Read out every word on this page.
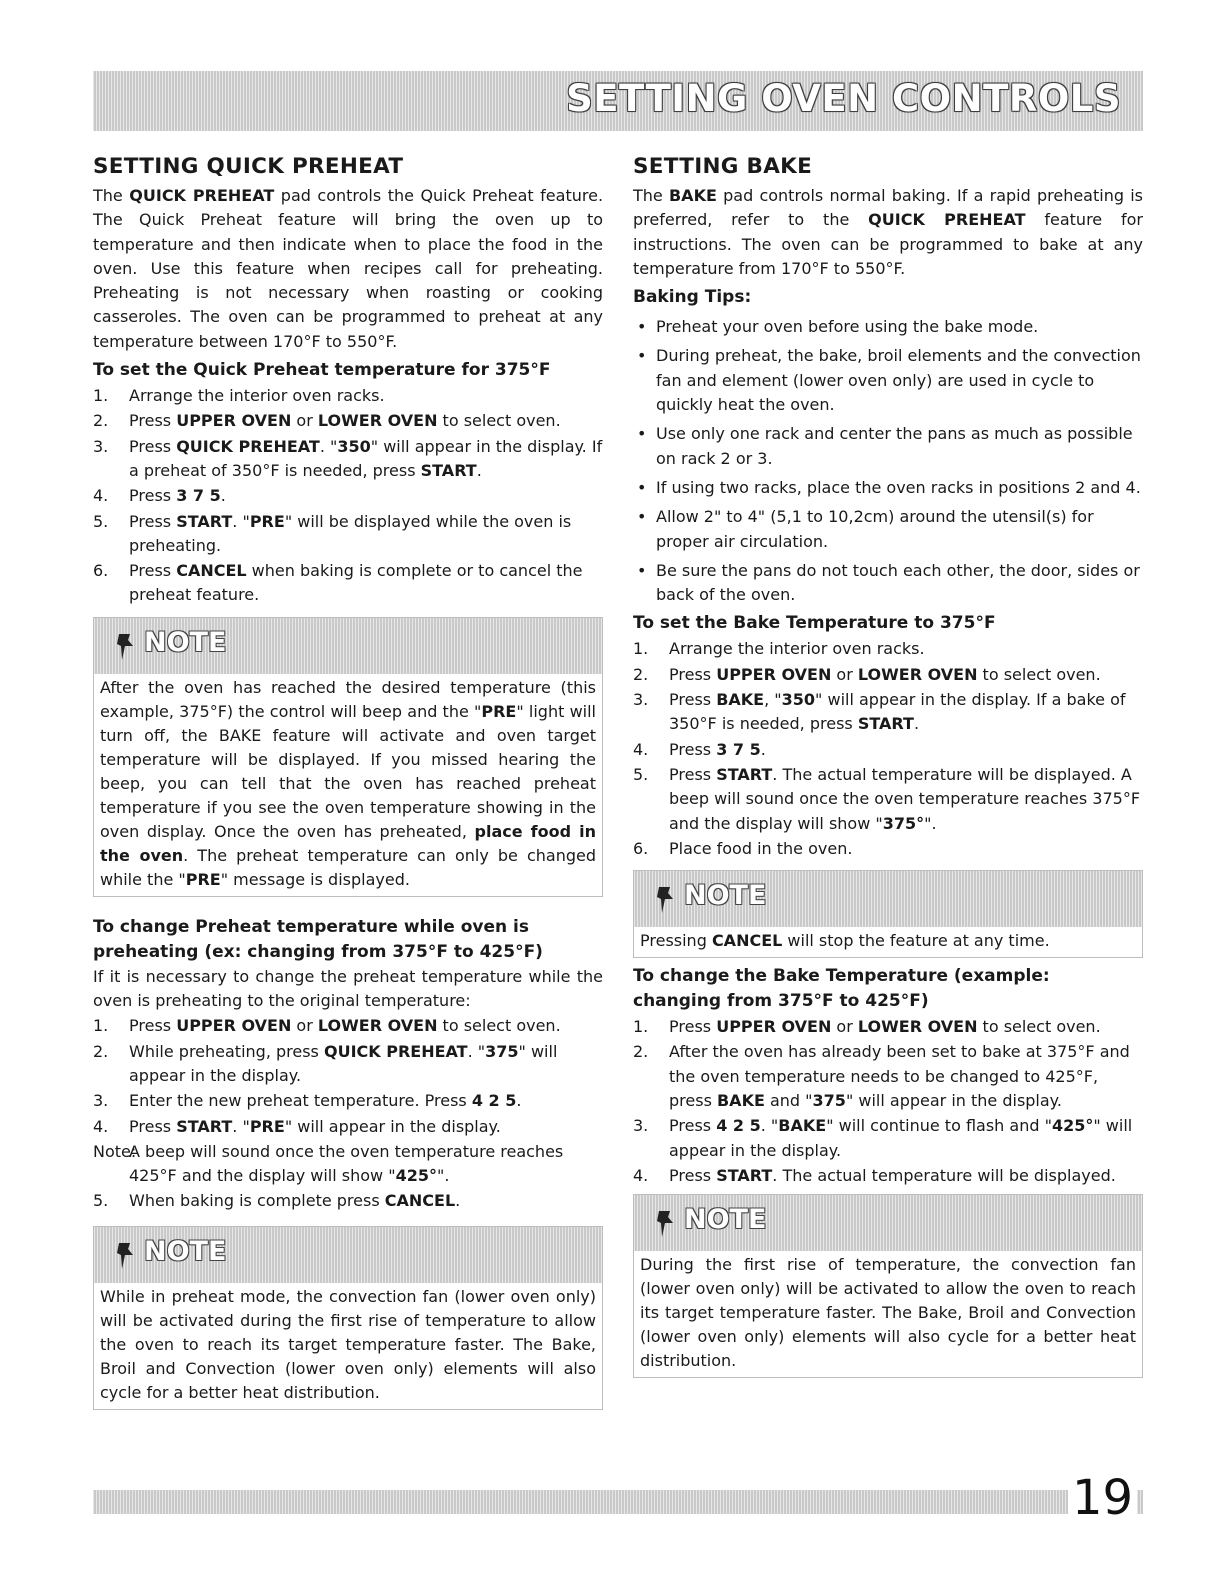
SETTING OVEN CONTROLS
SETTING QUICK PREHEAT
The QUICK PREHEAT pad controls the Quick Preheat feature. The Quick Preheat feature will bring the oven up to temperature and then indicate when to place the food in the oven. Use this feature when recipes call for preheating. Preheating is not necessary when roasting or cooking casseroles. The oven can be programmed to preheat at any temperature between 170°F to 550°F.
To set the Quick Preheat temperature for 375°F
1. Arrange the interior oven racks.
2. Press UPPER OVEN or LOWER OVEN to select oven.
3. Press QUICK PREHEAT. "350" will appear in the display. If a preheat of 350°F is needed, press START.
4. Press 3 7 5.
5. Press START. "PRE" will be displayed while the oven is preheating.
6. Press CANCEL when baking is complete or to cancel the preheat feature.
NOTE
After the oven has reached the desired temperature (this example, 375°F) the control will beep and the "PRE" light will turn off, the BAKE feature will activate and oven target temperature will be displayed. If you missed hearing the beep, you can tell that the oven has reached preheat temperature if you see the oven temperature showing in the oven display. Once the oven has preheated, place food in the oven. The preheat temperature can only be changed while the "PRE" message is displayed.
To change Preheat temperature while oven is preheating (ex: changing from 375°F to 425°F)
If it is necessary to change the preheat temperature while the oven is preheating to the original temperature:
1. Press UPPER OVEN or LOWER OVEN to select oven.
2. While preheating, press QUICK PREHEAT. "375" will appear in the display.
3. Enter the new preheat temperature. Press 4 2 5.
4. Press START. "PRE" will appear in the display.
Note:
A beep will sound once the oven temperature reaches 425°F and the display will show "425°".
5. When baking is complete press CANCEL.
NOTE
While in preheat mode, the convection fan (lower oven only) will be activated during the first rise of temperature to allow the oven to reach its target temperature faster. The Bake, Broil and Convection (lower oven only) elements will also cycle for a better heat distribution.
SETTING BAKE
The BAKE pad controls normal baking. If a rapid preheating is preferred, refer to the QUICK PREHEAT feature for instructions. The oven can be programmed to bake at any temperature from 170°F to 550°F.
Baking Tips:
• Preheat your oven before using the bake mode.
• During preheat, the bake, broil elements and the convection fan and element (lower oven only) are used in cycle to quickly heat the oven.
• Use only one rack and center the pans as much as possible on rack 2 or 3.
• If using two racks, place the oven racks in positions 2 and 4.
• Allow 2" to 4" (5,1 to 10,2cm) around the utensil(s) for proper air circulation.
• Be sure the pans do not touch each other, the door, sides or back of the oven.
To set the Bake Temperature to 375°F
1. Arrange the interior oven racks.
2. Press UPPER OVEN or LOWER OVEN to select oven.
3. Press BAKE, "350" will appear in the display. If a bake of 350°F is needed, press START.
4. Press 3 7 5.
5. Press START. The actual temperature will be displayed. A beep will sound once the oven temperature reaches 375°F and the display will show "375°".
6. Place food in the oven.
NOTE
Pressing CANCEL will stop the feature at any time.
To change the Bake Temperature (example: changing from 375°F to 425°F)
1. Press UPPER OVEN or LOWER OVEN to select oven.
2. After the oven has already been set to bake at 375°F and the oven temperature needs to be changed to 425°F, press BAKE and "375" will appear in the display.
3. Press 4 2 5. "BAKE" will continue to flash and "425°" will appear in the display.
4. Press START. The actual temperature will be displayed.
NOTE
During the first rise of temperature, the convection fan (lower oven only) will be activated to allow the oven to reach its target temperature faster. The Bake, Broil and Convection (lower oven only) elements will also cycle for a better heat distribution.
19
